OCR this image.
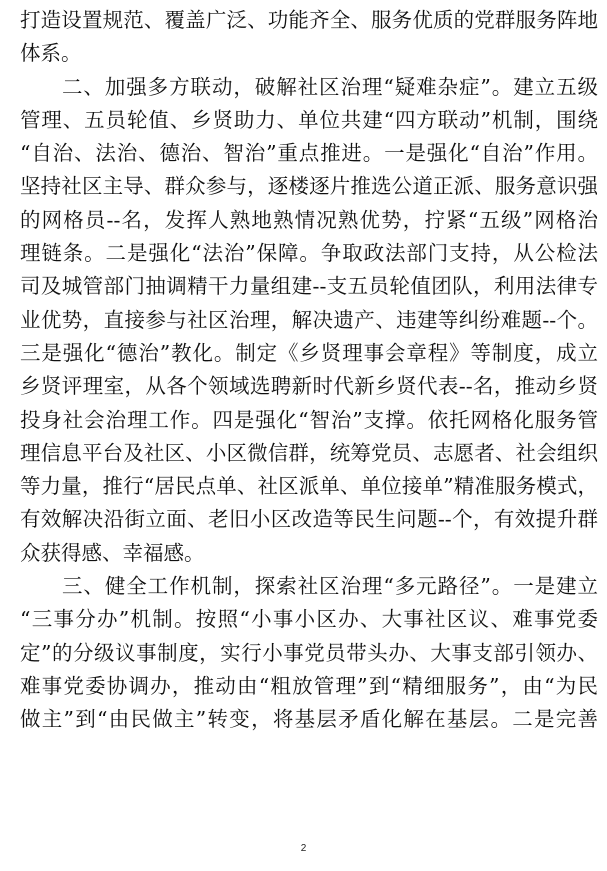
打造设置规范、覆盖广泛、功能齐全、服务优质的党群服务阵地
体系。
二、加强多方联动，破解社区治理“疑难杂症”。建立五级
管理、五员轮值、乡贤助力、单位共建“四方联动”机制，围绕
“自治、法治、德治、智治”重点推进。一是强化“自治”作用。
坚持社区主导、群众参与，逐楼逐片推选公道正派、服务意识强
的网格员--名，发挥人熟地熟情况熟优势，拧紧“五级”网格治
理链条。二是强化“法治”保障。争取政法部门支持，从公检法
司及城管部门抽调精干力量组建--支五员轮值团队，利用法律专
业优势，直接参与社区治理，解决遗产、违建等纠纷难题--个。
三是强化“德治”教化。制定《乡贤理事会章程》等制度，成立
乡贤评理室，从各个领域选聘新时代新乡贤代表--名，推动乡贤
投身社会治理工作。四是强化“智治”支撑。依托网格化服务管
理信息平台及社区、小区微信群，统筹党员、志愿者、社会组织
等力量，推行“居民点单、社区派单、单位接单”精准服务模式，
有效解决沿街立面、老旧小区改造等民生问题--个，有效提升群
众获得感、幸福感。
三、健全工作机制，探索社区治理“多元路径”。一是建立
“三事分办”机制。按照“小事小区办、大事社区议、难事党委
定”的分级议事制度，实行小事党员带头办、大事支部引领办、
难事党委协调办，推动由“粗放管理”到“精细服务”，由“为民
做主”到“由民做主”转变，将基层矛盾化解在基层。二是完善
2
